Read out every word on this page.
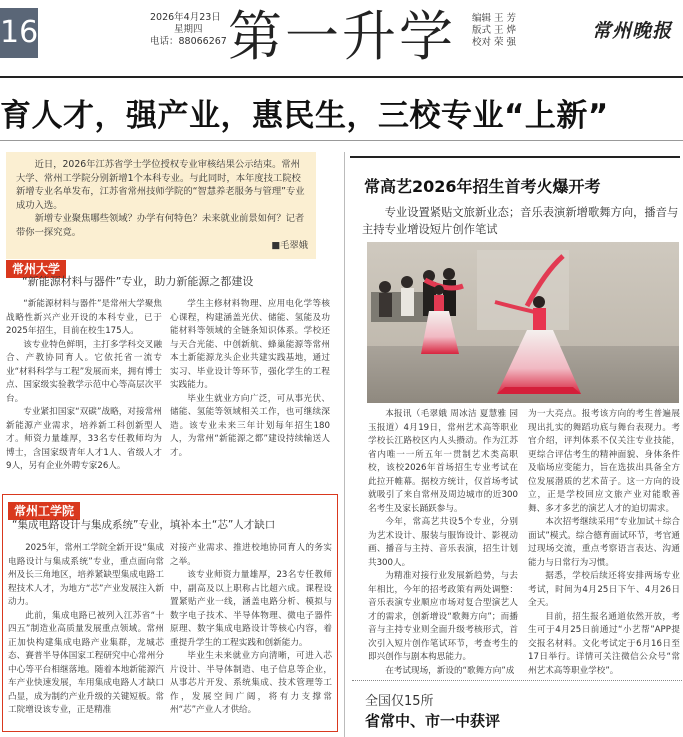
16	2026年4月23日
星期四
电话：88066267 第一升学 编辑 王 芳
版式 王 烨
校对 荣 强
常州晚报
育人才，强产业，惠民生，三校专业“上新”

近日，2026年江苏省学士学位授权专业审核结果公示结束。常州大学、常州工学院分别新增1个本科专业。与此同时，本年度技工院校新增专业名单发布，江苏省常州技师学院的“智慧养老服务与管理”专业成功入选。

新增专业聚焦哪些领域？办学有何特色？未来就业前景如何？记者带你一探究竟。

■毛翠娥

常州大学
“新能源材料与器件”专业，助力新能源之都建设

“新能源材料与器件”是常州大学聚焦战略性新兴产业开设的本科专业，已于2025年招生，目前在校生175人。

该专业特色鲜明，主打多学科交叉融合、产教协同育人。它依托省一流专业“材料科学与工程”发展而来，拥有博士点、国家级实验教学示范中心等高层次平台。

专业紧扣国家“双碳”战略，对接常州新能源产业需求，培养新工科创新型人才。师资力量雄厚，33名专任教师均为博士，含国家级青年人才1人、省级人才9人，另有企业外聘专家26人。

学生主修材料物理、应用电化学等核心课程，构建涵盖光伏、储能、氢能及功能材料等领域的全链条知识体系。学校还与天合光能、中创新航、蜂巢能源等常州本土新能源龙头企业共建实践基地，通过实习、毕业设计等环节，强化学生的工程实践能力。

毕业生就业方向广泛，可从事光伏、储能、氢能等领域相关工作，也可继续深造。该专业未来三年计划每年招生180人，为常州“新能源之都”建设持续输送人才。

常州工学院
“集成电路设计与集成系统”专业，填补本土“芯”人才缺口

2025年，常州工学院全新开设“集成电路设计与集成系统”专业，重点面向常州及长三角地区，培养紧缺型集成电路工程技术人才，为地方“芯”产业发展注入新动力。

此前，集成电路已被列入江苏省“十四五”制造业高质量发展重点领域。常州正加快构建集成电路产业集群，龙城芯态、賽普半导体国家工程研究中心常州分中心等平台相继落地。随着本地新能源汽车产业快速发展，车用集成电路人才缺口凸显，成为制约产业升级的关键短板。常工院增设该专业，正是精准

对接产业需求、推进校地协同育人的务实之举。

该专业师资力量雄厚，23名专任教师中，副高及以上职称占比超六成。课程设置紧贴产业一线，涵盖电路分析、模拟与数字电子技术、半导体物理、微电子器件原理、数字集成电路设计等核心内容，着重提升学生的工程实践和创新能力。

毕业生未来就业方向清晰，可进入芯片设计、半导体制造、电子信息等企业，从事芯片开发、系统集成、技术管理等工作，发展空间广阔，将有力支撑常州“芯”产业人才供给。

常高艺2026年招生首考火爆开考
专业设置紧贴文旅新业态；音乐表演新增歌舞方向，播音与主持专业增设短片创作笔试

本报讯（毛翠娥 周冰洁 夏慧雅 园玉报道）4月19日，常州艺术高等职业学校长江路校区内人头攒动。作为江苏省内唯一一所五年一贯制艺术类高职校，该校2026年首场招生专业考试在此拉开帷幕。据校方统计，仅首场考试就吸引了来自常州及周边城市的近300名考生及家长踊跃参与。

今年，常高艺共设5个专业，分别为艺术设计、服装与服饰设计、影视动画、播音与主持、音乐表演，招生计划共300人。

为精准对接行业发展新趋势，与去年相比，今年的招考政策有两处调整：音乐表演专业顺应市场对复合型演艺人才的需求，创新增设“歌舞方向”；而播音与主持专业则全面升级考核形式，首次引入短片创作笔试环节，考查考生的即兴创作与剧本构思能力。

在考试现场，新设的“歌舞方向”成

为一大亮点。报考该方向的考生普遍展现出扎实的舞蹈功底与舞台表现力。考官介绍，评判体系不仅关注专业技能，更综合评估考生的精神面貌、身体条件及临场应变能力，旨在选拔出具备全方位发展潜质的艺术苗子。这一方向的设立，正是学校回应文旅产业对能歌善舞、多才多艺的演艺人才的迫切需求。

本次招考继续采用“专业加试＋综合面试”模式。综合德育面试环节，考官通过现场交流，重点考察语言表达、沟通能力与日常行为习惯。

据悉，学校后续还将安排两场专业考试，时间为4月25日下午、4月26日全天。

目前，招生报名通道依然开放，考生可于4月25日前通过“小艺帮”APP提交报名材料。文化考试定于6月16日至17日举行。详情可关注微信公众号“常州艺术高等职业学校”。

全国仅15所
省常中、市一中获评
